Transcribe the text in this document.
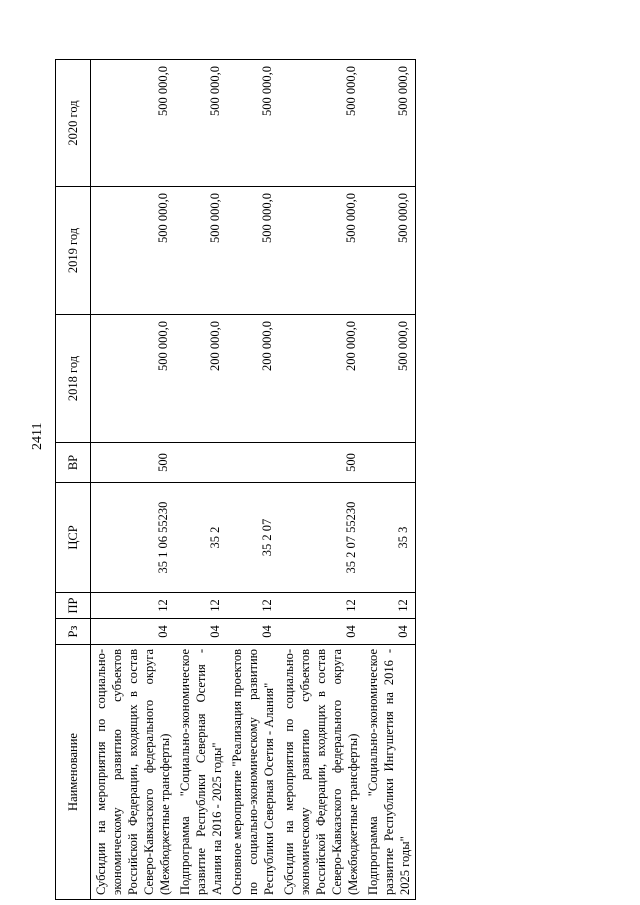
2411
Наименование	Рз	ПР	ЦСР	ВР	2018 год	2019 год	2020 год
Субсидии на мероприятия по социально-экономическому развитию субъектов Российской Федерации, входящих в состав Северо-Кавказского федерального округа (Межбюджетные трансферты)	04	12	35 1 06 55230	500	500 000,0	500 000,0	500 000,0
Подпрограмма "Социально-экономическое развитие Республики Северная Осетия - Алания на 2016 - 2025 годы"	04	12	35 2		200 000,0	500 000,0	500 000,0
Основное мероприятие "Реализация проектов по социально-экономическому развитию Республики Северная Осетия - Алания"	04	12	35 2 07		200 000,0	500 000,0	500 000,0
Субсидии на мероприятия по социально-экономическому развитию субъектов Российской Федерации, входящих в состав Северо-Кавказского федерального округа (Межбюджетные трансферты)	04	12	35 2 07 55230	500	200 000,0	500 000,0	500 000,0
Подпрограмма "Социально-экономическое развитие Республики Ингушетия на 2016 - 2025 годы"	04	12	35 3		500 000,0	500 000,0	500 000,0
